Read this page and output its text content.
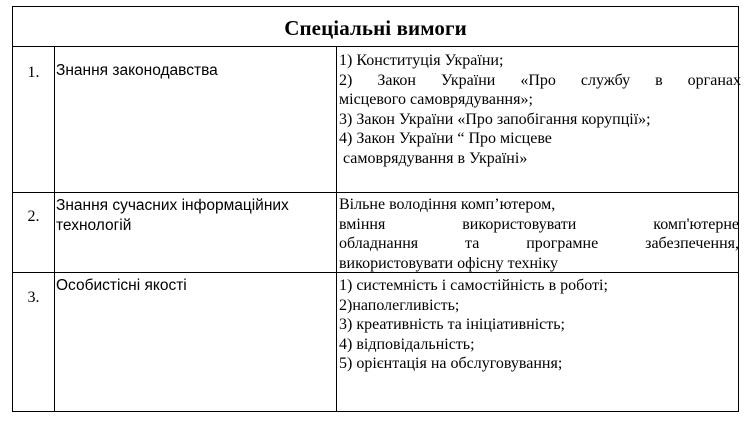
Спеціальні вимоги
1.	Знання законодавства
1) Конституція України;
2) Закон України «Про службу в органах
місцевого самоврядування»;
3) Закон України «Про запобігання корупції»;
4) Закон України “ Про місцеве
самоврядування в Україні»
2.
Знання сучасних інформаційних
технологій
Вільне володіння комп’ютером,
вміння використовувати комп'ютерне
обладнання та програмне забезпечення,
використовувати офісну техніку
3.
Особистісні якості	1) системність і самостійність в роботі;
2)наполегливість;
3) креативність та ініціативність;
4) відповідальність;
5) орієнтація на обслуговування;
